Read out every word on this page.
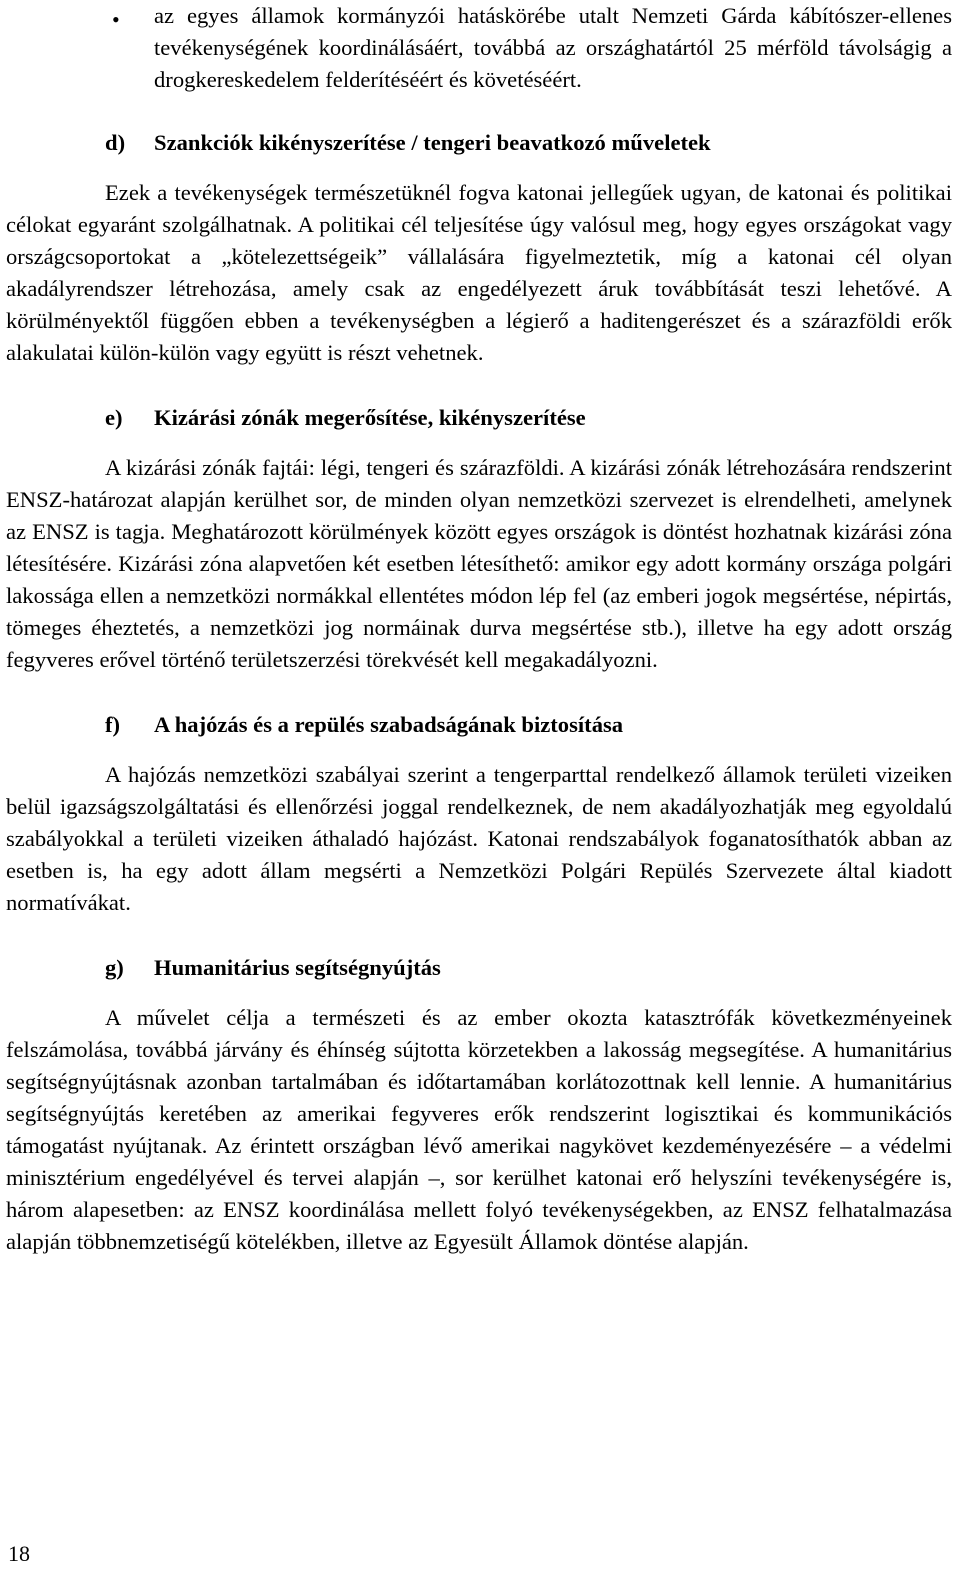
• az egyes államok kormányzói hatáskörébe utalt Nemzeti Gárda kábítószer-ellenes tevékenységének koordinálásáért, továbbá az országhatártól 25 mérföld távolságig a drogkereskedelem felderítéséért és követéséért.

d) Szankciók kikényszerítése / tengeri beavatkozó műveletek

Ezek a tevékenységek természetüknél fogva katonai jellegűek ugyan, de katonai és politikai célokat egyaránt szolgálhatnak. A politikai cél teljesítése úgy valósul meg, hogy egyes országokat vagy országcsoportokat a „kötelezettségeik” vállalására figyelmeztetik, míg a katonai cél olyan akadályrendszer létrehozása, amely csak az engedélyezett áruk továbbítását teszi lehetővé. A körülményektől függően ebben a tevékenységben a légierő a haditengerészet és a szárazföldi erők alakulatai külön-külön vagy együtt is részt vehetnek.

e) Kizárási zónák megerősítése, kikényszerítése

A kizárási zónák fajtái: légi, tengeri és szárazföldi. A kizárási zónák létrehozására rendszerint ENSZ-határozat alapján kerülhet sor, de minden olyan nemzetközi szervezet is elrendelheti, amelynek az ENSZ is tagja. Meghatározott körülmények között egyes országok is döntést hozhatnak kizárási zóna létesítésére. Kizárási zóna alapvetően két esetben létesíthető: amikor egy adott kormány országa polgári lakossága ellen a nemzetközi normákkal ellentétes módon lép fel (az emberi jogok megsértése, népirtás, tömeges éheztetés, a nemzetközi jog normáinak durva megsértése stb.), illetve ha egy adott ország fegyveres erővel történő területszerzési törekvését kell megakadályozni.

f) A hajózás és a repülés szabadságának biztosítása

A hajózás nemzetközi szabályai szerint a tengerparttal rendelkező államok területi vizeiken belül igazságszolgáltatási és ellenőrzési joggal rendelkeznek, de nem akadályozhatják meg egyoldalú szabályokkal a területi vizeiken áthaladó hajózást. Katonai rendszabályok foganatosíthatók abban az esetben is, ha egy adott állam megsérti a Nemzetközi Polgári Repülés Szervezete által kiadott normatívákat.

g) Humanitárius segítségnyújtás

A művelet célja a természeti és az ember okozta katasztrófák következményeinek felszámolása, továbbá járvány és éhínség sújtotta körzetekben a lakosság megsegítése. A humanitárius segítségnyújtásnak azonban tartalmában és időtartamában korlátozottnak kell lennie. A humanitárius segítségnyújtás keretében az amerikai fegyveres erők rendszerint logisztikai és kommunikációs támogatást nyújtanak. Az érintett országban lévő amerikai nagykövet kezdeményezésére – a védelmi minisztérium engedélyével és tervei alapján –, sor kerülhet katonai erő helyszíni tevékenységére is, három alapesetben: az ENSZ koordinálása mellett folyó tevékenységekben, az ENSZ felhatalmazása alapján többnemzetiségű kötelékben, illetve az Egyesült Államok döntése alapján.

18
